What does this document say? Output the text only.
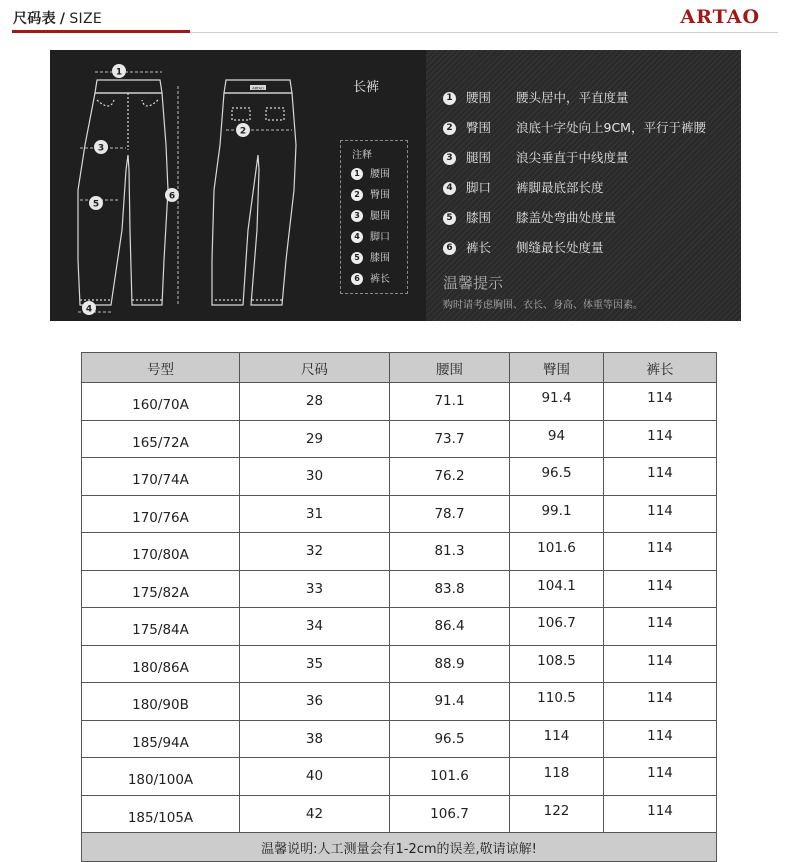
尺码表 / SIZE	ARTAO
1
2
3
4
5
6
ARTAO	长裤
注释
1 腰围
2 臀围
3 腿围
4 脚口
5 膝围
6 裤长
1 腰围 腰头居中，平直度量
2 臀围 浪底十字处向上9CM，平行于裤腰
3 腿围 浪尖垂直于中线度量
4 脚口 裤脚最底部长度
5 膝围 膝盖处弯曲处度量
6 裤长 侧缝最长处度量
温馨提示
购时请考虑胸围、衣长、身高、体重等因素。
号型	尺码	腰围	臀围	裤长
160/70A	28	71.1	91.4	114
165/72A	29	73.7	94	114
170/74A	30	76.2	96.5	114
170/76A	31	78.7	99.1	114
170/80A	32	81.3	101.6	114
175/82A	33	83.8	104.1	114
175/84A	34	86.4	106.7	114
180/86A	35	88.9	108.5	114
180/90B	36	91.4	110.5	114
185/94A	38	96.5	114	114
180/100A	40	101.6	118	114
185/105A	42	106.7	122	114
温馨说明:人工测量会有1-2cm的误差,敬请谅解!				
